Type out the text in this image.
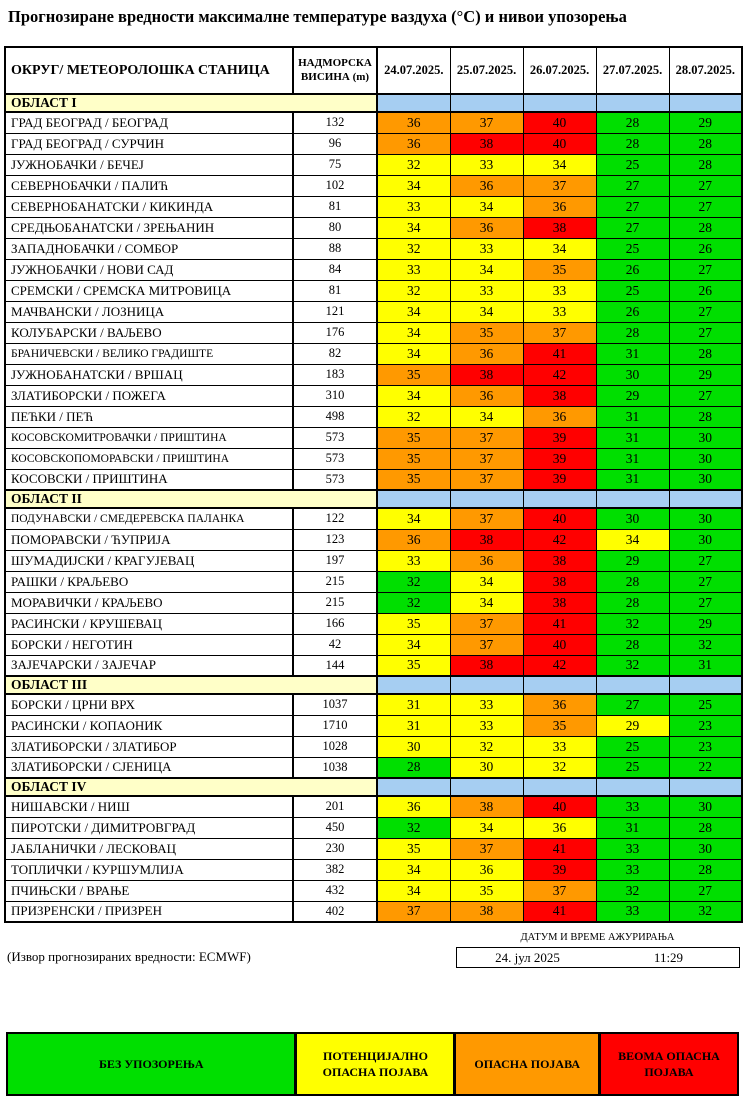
Прогнозиране вредности максималне температуре ваздуха (°C) и нивои упозорења
ОКРУГ/ МЕТЕОРОЛОШКА СТАНИЦА	НАДМОРСКА
ВИСИНА (m)	24.07.2025.	25.07.2025.	26.07.2025.	27.07.2025.	28.07.2025.
ОБЛАСТ I						
ГРАД БЕОГРАД / БЕОГРАД	132	36	37	40	28	29
ГРАД БЕОГРАД / СУРЧИН	96	36	38	40	28	28
ЈУЖНОБАЧКИ / БЕЧЕЈ	75	32	33	34	25	28
СЕВЕРНОБАЧКИ / ПАЛИЋ	102	34	36	37	27	27
СЕВЕРНОБАНАТСКИ / КИКИНДА	81	33	34	36	27	27
СРЕДЊОБАНАТСКИ / ЗРЕЊАНИН	80	34	36	38	27	28
ЗАПАДНОБАЧКИ / СОМБОР	88	32	33	34	25	26
ЈУЖНОБАЧКИ / НОВИ САД	84	33	34	35	26	27
СРЕМСКИ / СРЕМСКА МИТРОВИЦА	81	32	33	33	25	26
МАЧВАНСКИ / ЛОЗНИЦА	121	34	34	33	26	27
КОЛУБАРСКИ / ВАЉЕВО	176	34	35	37	28	27
БРАНИЧЕВСКИ / ВЕЛИКО ГРАДИШТЕ	82	34	36	41	31	28
ЈУЖНОБАНАТСКИ / ВРШАЦ	183	35	38	42	30	29
ЗЛАТИБОРСКИ / ПОЖЕГА	310	34	36	38	29	27
ПЕЋКИ / ПЕЋ	498	32	34	36	31	28
КОСОВСКОМИТРОВАЧКИ / ПРИШТИНА	573	35	37	39	31	30
КОСОВСКОПОМОРАВСКИ / ПРИШТИНА	573	35	37	39	31	30
КОСОВСКИ / ПРИШТИНА	573	35	37	39	31	30
ОБЛАСТ II						
ПОДУНАВСКИ / СМЕДЕРЕВСКА ПАЛАНКА	122	34	37	40	30	30
ПОМОРАВСКИ / ЋУПРИЈА	123	36	38	42	34	30
ШУМАДИЈСКИ / КРАГУЈЕВАЦ	197	33	36	38	29	27
РАШКИ / КРАЉЕВО	215	32	34	38	28	27
МОРАВИЧКИ / КРАЉЕВО	215	32	34	38	28	27
РАСИНСКИ / КРУШЕВАЦ	166	35	37	41	32	29
БОРСКИ / НЕГОТИН	42	34	37	40	28	32
ЗАЈЕЧАРСКИ / ЗАЈЕЧАР	144	35	38	42	32	31
ОБЛАСТ III						
БОРСКИ / ЦРНИ ВРХ	1037	31	33	36	27	25
РАСИНСКИ / КОПАОНИК	1710	31	33	35	29	23
ЗЛАТИБОРСКИ / ЗЛАТИБОР	1028	30	32	33	25	23
ЗЛАТИБОРСКИ / СЈЕНИЦА	1038	28	30	32	25	22
ОБЛАСТ IV						
НИШАВСКИ / НИШ	201	36	38	40	33	30
ПИРОТСКИ / ДИМИТРОВГРАД	450	32	34	36	31	28
ЈАБЛАНИЧКИ / ЛЕСКОВАЦ	230	35	37	41	33	30
ТОПЛИЧКИ / КУРШУМЛИЈА	382	34	36	39	33	28
ПЧИЊСКИ / ВРАЊЕ	432	34	35	37	32	27
ПРИЗРЕНСКИ / ПРИЗРЕН	402	37	38	41	33	32
ДАТУМ И ВРЕМЕ АЖУРИРАЊА
24. јул 2025	11:29
(Извор прогнозираних вредности: ECMWF)
БЕЗ УПОЗОРЕЊА
ПОТЕНЦИЈАЛНО ОПАСНА ПОЈАВА
ОПАСНА ПОЈАВА
ВЕОМА ОПАСНА ПОЈАВА
